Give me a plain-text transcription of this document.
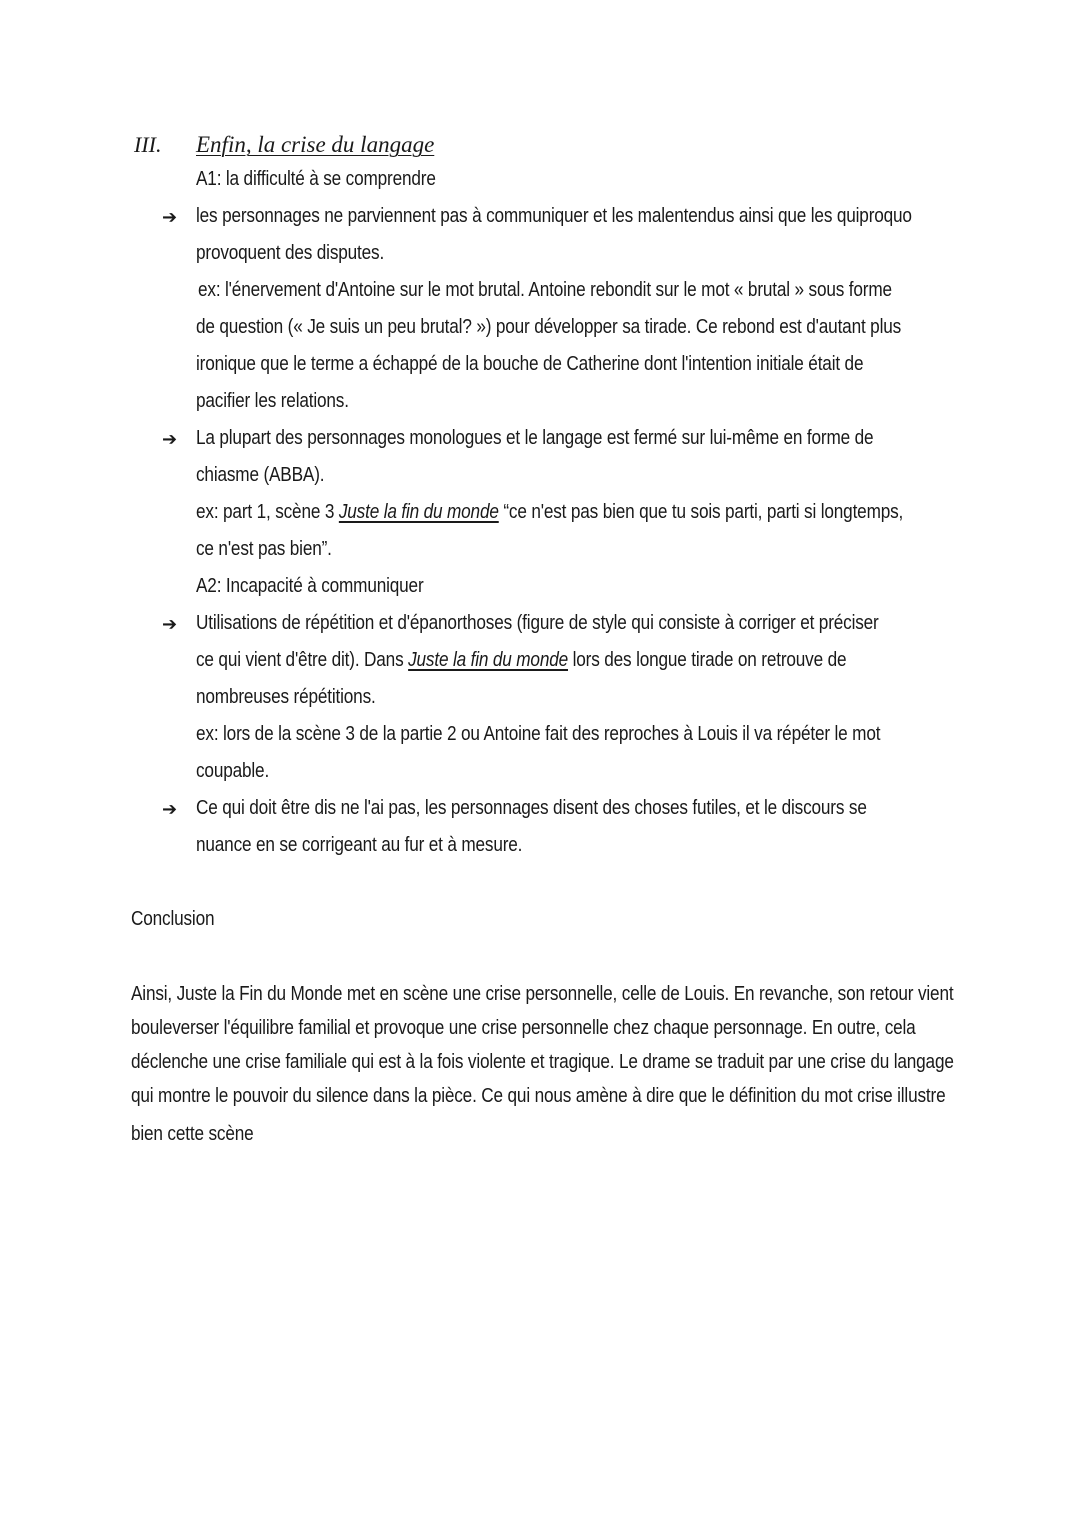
III. Enfin, la crise du langage
A1: la difficulté à se comprendre
➔ les personnages ne parviennent pas à communiquer et les malentendus ainsi que les quiproquo
provoquent des disputes.
ex: l'énervement d'Antoine sur le mot brutal. Antoine rebondit sur le mot « brutal » sous forme
de question (« Je suis un peu brutal? ») pour développer sa tirade. Ce rebond est d'autant plus
ironique que le terme a échappé de la bouche de Catherine dont l'intention initiale était de
pacifier les relations.
➔ La plupart des personnages monologues et le langage est fermé sur lui-même en forme de
chiasme (ABBA).
ex: part 1, scène 3 Juste la fin du monde “ce n'est pas bien que tu sois parti, parti si longtemps,
ce n'est pas bien”.
A2: Incapacité à communiquer
➔ Utilisations de répétition et d'épanorthoses (figure de style qui consiste à corriger et préciser
ce qui vient d'être dit). Dans Juste la fin du monde lors des longue tirade on retrouve de
nombreuses répétitions.
ex: lors de la scène 3 de la partie 2 ou Antoine fait des reproches à Louis il va répéter le mot
coupable.
➔ Ce qui doit être dis ne l'ai pas, les personnages disent des choses futiles, et le discours se
nuance en se corrigeant au fur et à mesure.
Conclusion
Ainsi, Juste la Fin du Monde met en scène une crise personnelle, celle de Louis. En revanche, son retour vient
bouleverser l'équilibre familial et provoque une crise personnelle chez chaque personnage. En outre, cela
déclenche une crise familiale qui est à la fois violente et tragique. Le drame se traduit par une crise du langage
qui montre le pouvoir du silence dans la pièce. Ce qui nous amène à dire que le définition du mot crise illustre
bien cette scène
